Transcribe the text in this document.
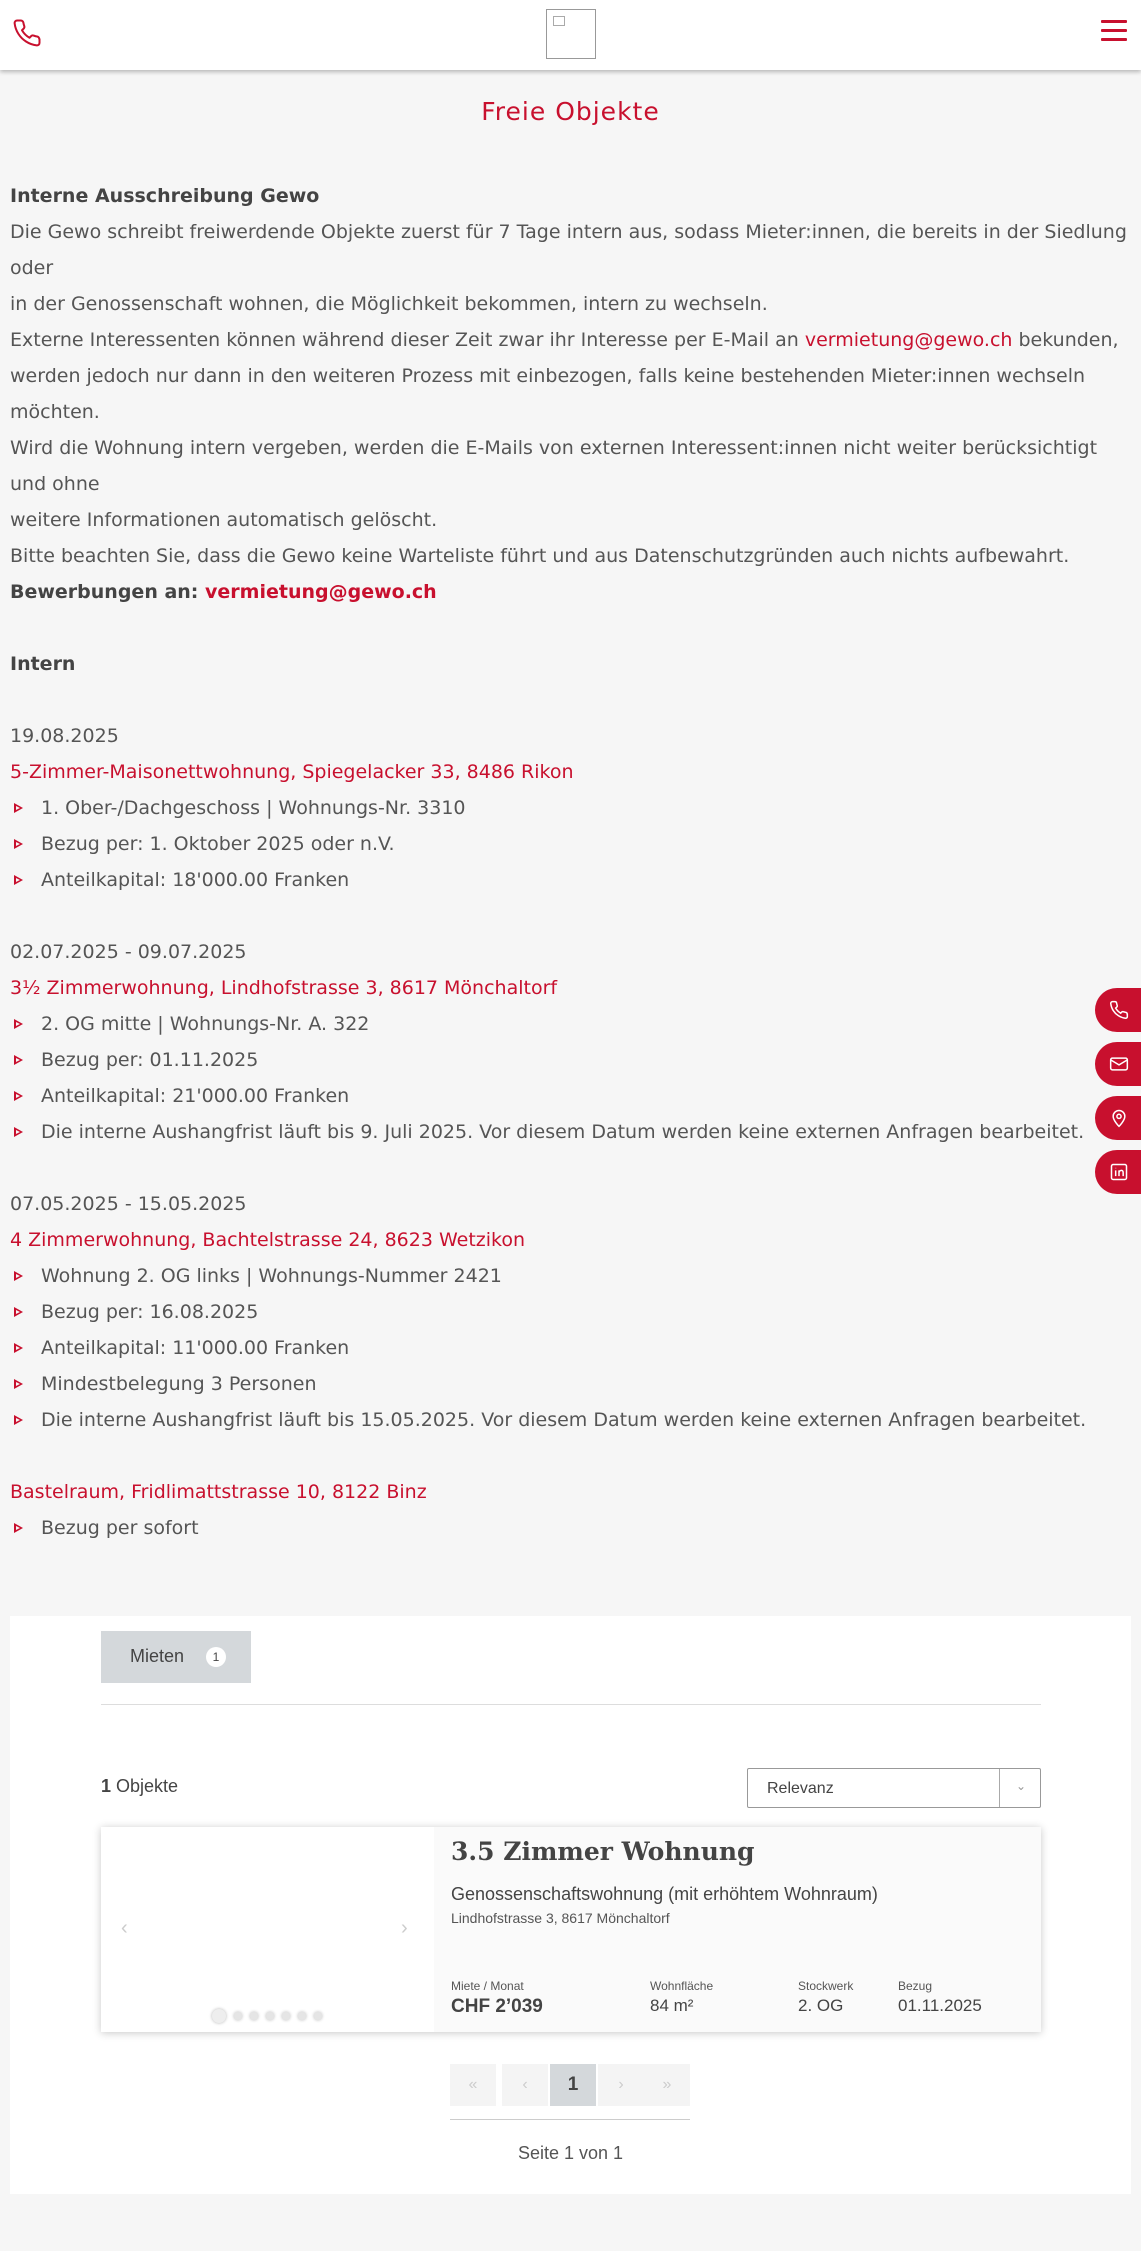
Freie Objekte
Interne Ausschreibung Gewo
Die Gewo schreibt freiwerdende Objekte zuerst für 7 Tage intern aus, sodass Mieter:innen, die bereits in der Siedlung oder
in der Genossenschaft wohnen, die Möglichkeit bekommen, intern zu wechseln.
Externe Interessenten können während dieser Zeit zwar ihr Interesse per E-Mail an vermietung@gewo.ch bekunden,
werden jedoch nur dann in den weiteren Prozess mit einbezogen, falls keine bestehenden Mieter:innen wechseln möchten.
Wird die Wohnung intern vergeben, werden die E-Mails von externen Interessent:innen nicht weiter berücksichtigt und ohne
weitere Informationen automatisch gelöscht.
Bitte beachten Sie, dass die Gewo keine Warteliste führt und aus Datenschutzgründen auch nichts aufbewahrt.
Bewerbungen an: vermietung@gewo.ch
Intern
19.08.2025
5-Zimmer-Maisonettwohnung, Spiegelacker 33, 8486 Rikon
1. Ober-/Dachgeschoss | Wohnungs-Nr. 3310
Bezug per: 1. Oktober 2025 oder n.V.
Anteilkapital: 18'000.00 Franken
02.07.2025 - 09.07.2025
3½ Zimmerwohnung, Lindhofstrasse 3, 8617 Mönchaltorf
2. OG mitte | Wohnungs-Nr. A. 322
Bezug per: 01.11.2025
Anteilkapital: 21'000.00 Franken
Die interne Aushangfrist läuft bis 9. Juli 2025. Vor diesem Datum werden keine externen Anfragen bearbeitet.
07.05.2025 - 15.05.2025
4 Zimmerwohnung, Bachtelstrasse 24, 8623 Wetzikon
Wohnung 2. OG links | Wohnungs-Nummer 2421
Bezug per: 16.08.2025
Anteilkapital: 11'000.00 Franken
Mindestbelegung 3 Personen
Die interne Aushangfrist läuft bis 15.05.2025. Vor diesem Datum werden keine externen Anfragen bearbeitet.
Bastelraum, Fridlimattstrasse 10, 8122 Binz
Bezug per sofort
Mieten	1
1 Objekte	Relevanz	⌄
‹	›
3.5 Zimmer Wohnung
Genossenschaftswohnung (mit erhöhtem Wohnraum)
Lindhofstrasse 3, 8617 Mönchaltorf
Miete / Monat
CHF 2’039
Wohnfläche
84 m²
Stockwerk
2. OG
Bezug
01.11.2025
«	‹	1	›	»
Seite 1 von 1
